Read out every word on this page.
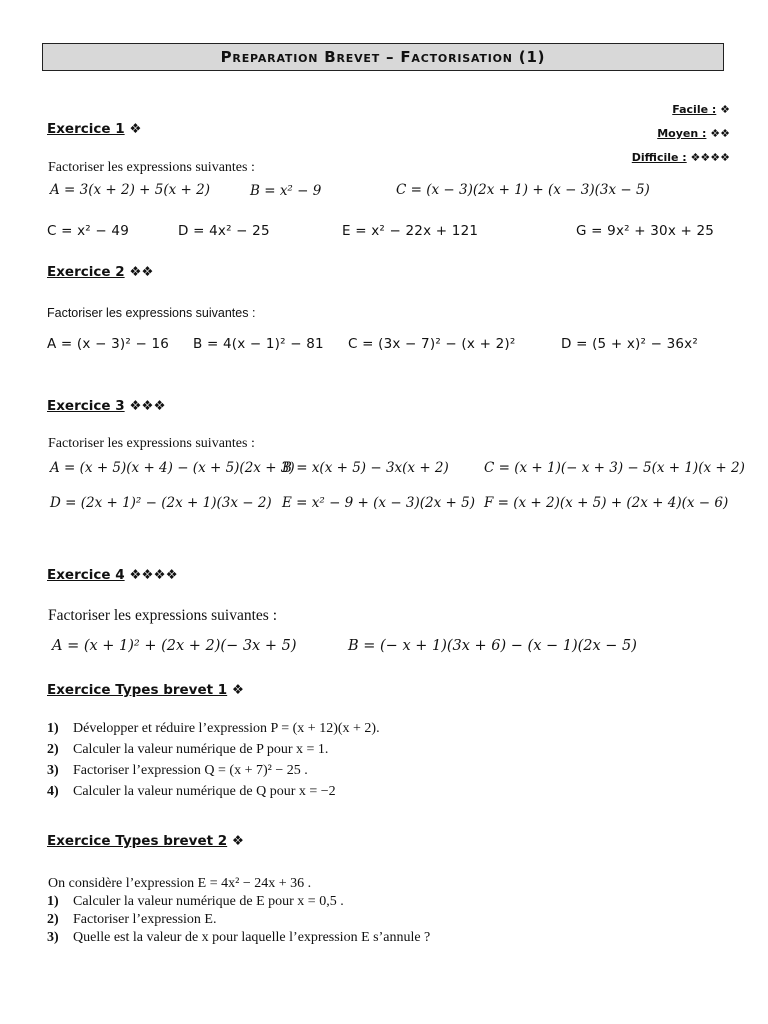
Preparation Brevet – Factorisation (1)
Facile : ❖
Moyen : ❖❖
Difficile : ❖❖❖❖
Exercice 1 ❖
Factoriser les expressions suivantes :
A = 3(x + 2) + 5(x + 2)	B = x² − 9	C = (x − 3)(2x + 1) + (x − 3)(3x − 5)
C = x² − 49	D = 4x² − 25	E = x² − 22x + 121	G = 9x² + 30x + 25
Exercice 2 ❖❖
Factoriser les expressions suivantes :
A = (x − 3)² − 16 B = 4(x − 1)² − 81 C = (3x − 7)² − (x + 2)²	D = (5 + x)² − 36x²
Exercice 3 ❖❖❖
Factoriser les expressions suivantes :
A = (x + 5)(x + 4) − (x + 5)(2x + 3)
B = x(x + 5) − 3x(x + 2)	C = (x + 1)(− x + 3) − 5(x + 1)(x + 2)
D = (2x + 1)² − (2x + 1)(3x − 2) E = x² − 9 + (x − 3)(2x + 5) F = (x + 2)(x + 5) + (2x + 4)(x − 6)
Exercice 4 ❖❖❖❖
Factoriser les expressions suivantes :
A = (x + 1)² + (2x + 2)(− 3x + 5)	B = (− x + 1)(3x + 6) − (x − 1)(2x − 5)
Exercice Types brevet 1 ❖
1) Développer et réduire l’expression P = (x + 12)(x + 2).
2) Calculer la valeur numérique de P pour x = 1.
3) Factoriser l’expression Q = (x + 7)² − 25 .
4) Calculer la valeur numérique de Q pour x = −2
Exercice Types brevet 2 ❖
On considère l’expression E = 4x² − 24x + 36 .
1) Calculer la valeur numérique de E pour x = 0,5 .
2) Factoriser l’expression E.
3) Quelle est la valeur de x pour laquelle l’expression E s’annule ?
